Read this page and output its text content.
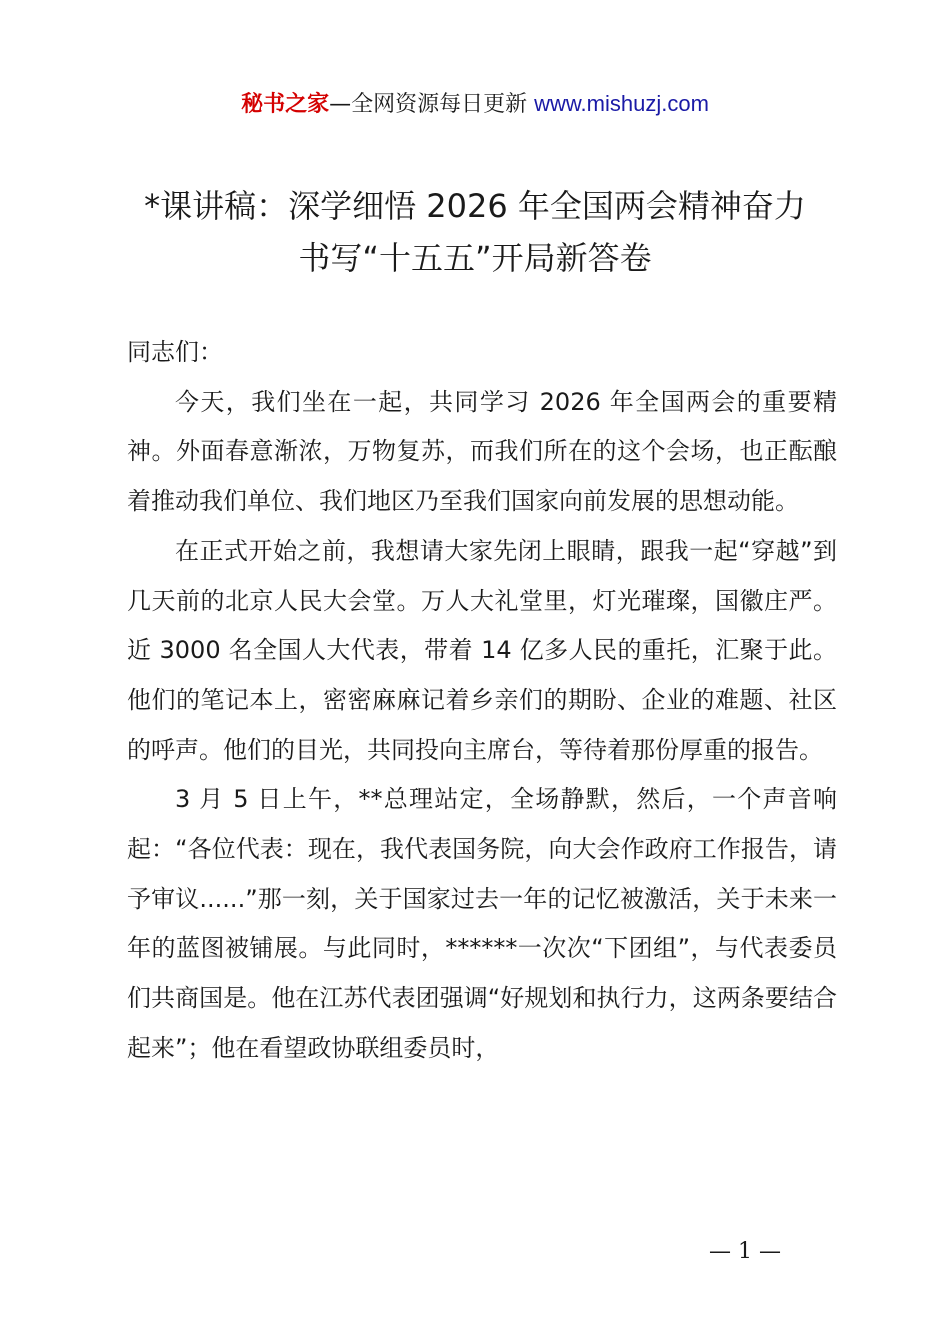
秘书之家—全网资源每日更新 www.mishuzj.com
*课讲稿：深学细悟 2026 年全国两会精神奋力
书写“十五五”开局新答卷

同志们：

今天，我们坐在一起，共同学习 2026 年全国两会的重要精神。外面春意渐浓，万物复苏，而我们所在的这个会场，也正酝酿着推动我们单位、我们地区乃至我们国家向前发展的思想动能。

在正式开始之前，我想请大家先闭上眼睛，跟我一起“穿越”到几天前的北京人民大会堂。万人大礼堂里，灯光璀璨，国徽庄严。近 3000 名全国人大代表，带着 14 亿多人民的重托，汇聚于此。他们的笔记本上，密密麻麻记着乡亲们的期盼、企业的难题、社区的呼声。他们的目光，共同投向主席台，等待着那份厚重的报告。

3 月 5 日上午，**总理站定，全场静默，然后，一个声音响起：“各位代表：现在，我代表国务院，向大会作政府工作报告，请予审议......”那一刻，关于国家过去一年的记忆被激活，关于未来一年的蓝图被铺展。与此同时，******一次次“下团组”，与代表委员们共商国是。他在江苏代表团强调“好规划和执行力，这两条要结合起来”；他在看望政协联组委员时，

— 1 —
